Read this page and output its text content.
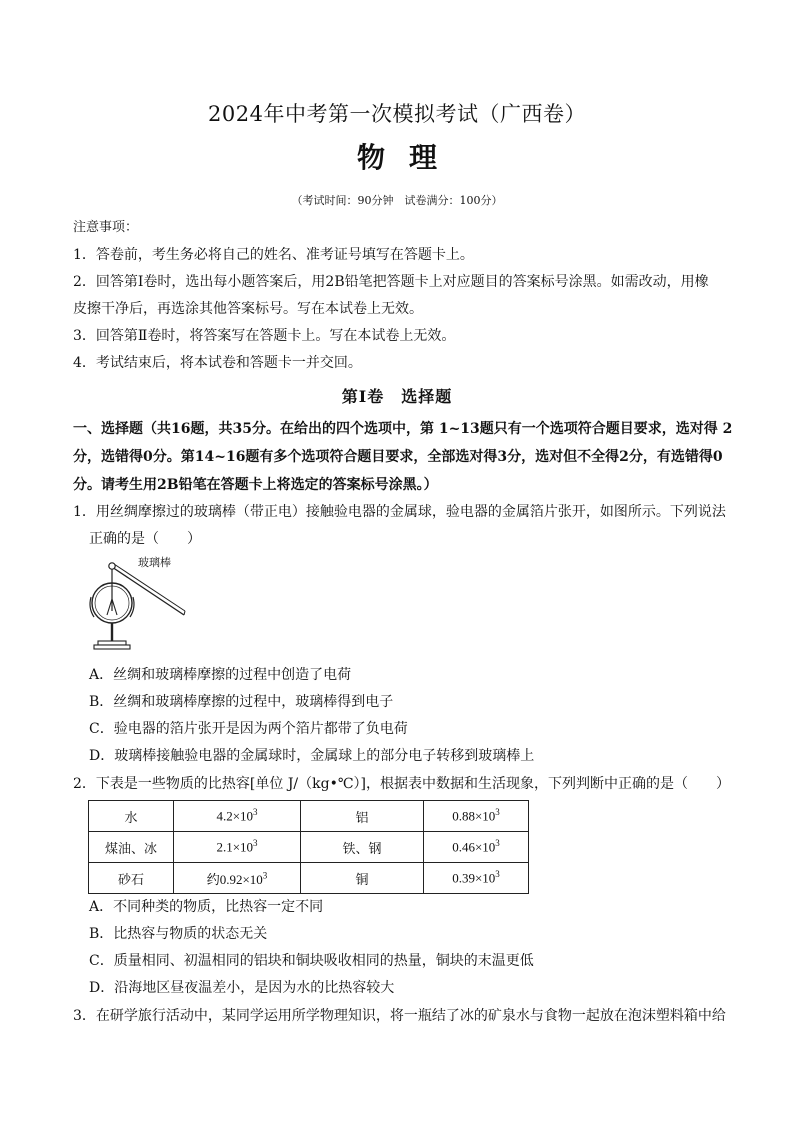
2024年中考第一次模拟考试（广西卷）
物理
（考试时间：90分钟　试卷满分：100分）
注意事项：
1．答卷前，考生务必将自己的姓名、准考证号填写在答题卡上。
2．回答第Ⅰ卷时，选出每小题答案后，用2B铅笔把答题卡上对应题目的答案标号涂黑。如需改动，用橡
皮擦干净后，再选涂其他答案标号。写在本试卷上无效。
3．回答第Ⅱ卷时，将答案写在答题卡上。写在本试卷上无效。
4．考试结束后，将本试卷和答题卡一并交回。
第Ⅰ卷　选择题
一、选择题（共16题，共35分。在给出的四个选项中，第 1~13题只有一个选项符合题目要求，选对得 2
分，选错得0分。第14~16题有多个选项符合题目要求，全部选对得3分，选对但不全得2分，有选错得0
分。请考生用2B铅笔在答题卡上将选定的答案标号涂黑。）
1．用丝绸摩擦过的玻璃棒（带正电）接触验电器的金属球，验电器的金属箔片张开，如图所示。下列说法
正确的是（　　）
玻璃棒
A．丝绸和玻璃棒摩擦的过程中创造了电荷
B．丝绸和玻璃棒摩擦的过程中，玻璃棒得到电子
C．验电器的箔片张开是因为两个箔片都带了负电荷
D．玻璃棒接触验电器的金属球时，金属球上的部分电子转移到玻璃棒上
2．下表是一些物质的比热容[单位 J/（kg•℃）]，根据表中数据和生活现象，下列判断中正确的是（　　）
水	$4.2\times 10^3$	铝	$0.88\times 10^3$
煤油、冰	$2.1\times 10^3$	铁、钢	$0.46\times 10^3$
砂石	约$0.92\times 10^3$	铜	$0.39\times 10^3$
A．不同种类的物质，比热容一定不同
B．比热容与物质的状态无关
C．质量相同、初温相同的铝块和铜块吸收相同的热量，铜块的末温更低
D．沿海地区昼夜温差小，是因为水的比热容较大
3．在研学旅行活动中，某同学运用所学物理知识，将一瓶结了冰的矿泉水与食物一起放在泡沫塑料箱中给
